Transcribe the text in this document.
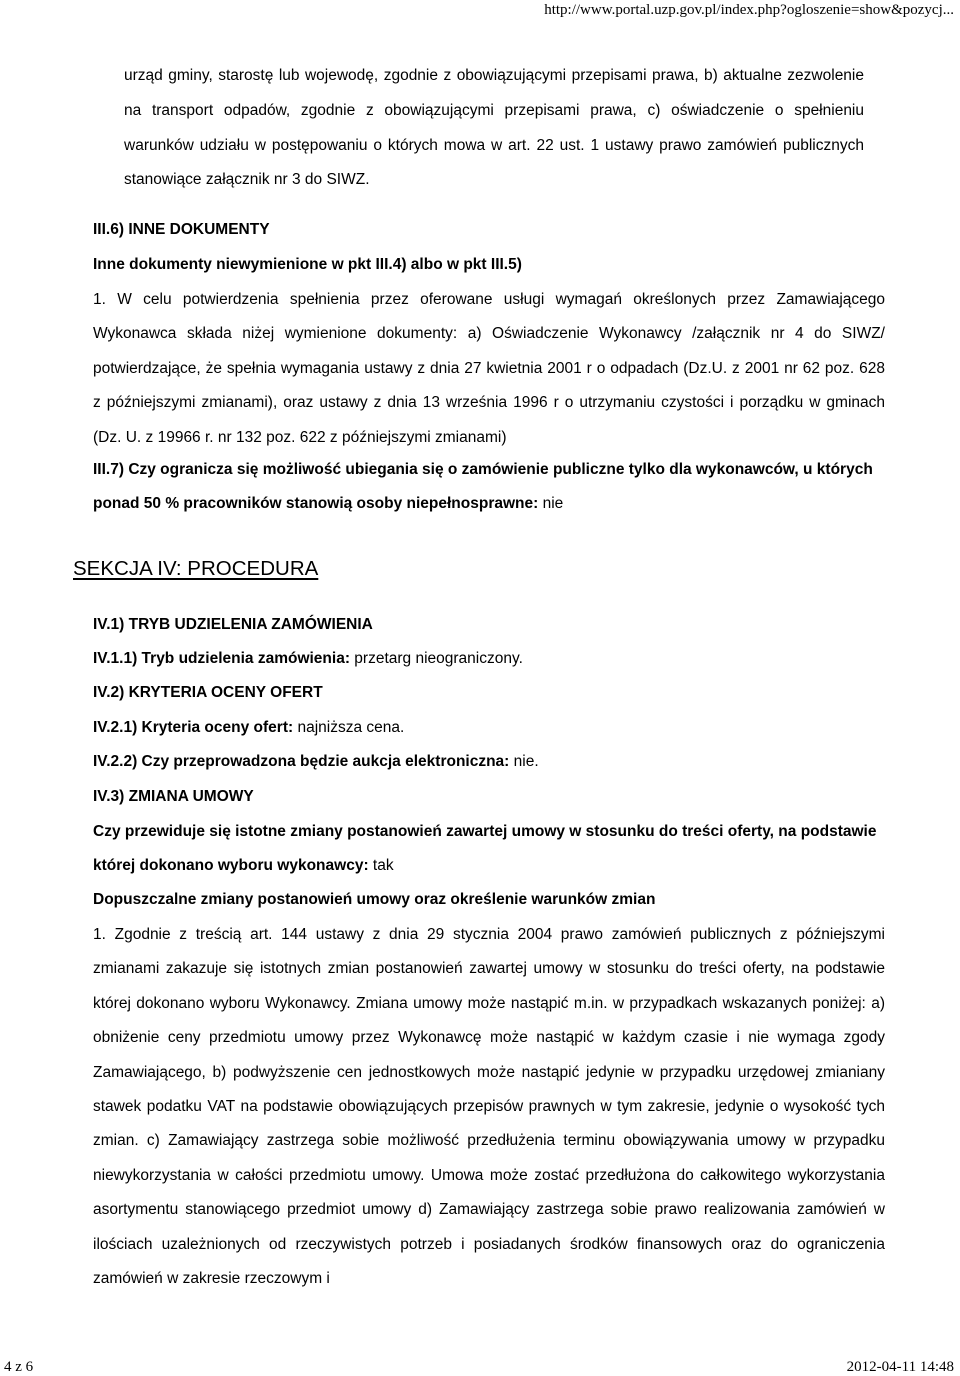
http://www.portal.uzp.gov.pl/index.php?ogloszenie=show&pozycj...

urząd gminy, starostę lub wojewodę, zgodnie z obowiązującymi przepisami prawa, b) aktualne zezwolenie na transport odpadów, zgodnie z obowiązującymi przepisami prawa, c) oświadczenie o spełnieniu warunków udziału w postępowaniu o których mowa w art. 22 ust. 1 ustawy prawo zamówień publicznych stanowiące załącznik nr 3 do SIWZ.

III.6) INNE DOKUMENTY

Inne dokumenty niewymienione w pkt III.4) albo w pkt III.5)

1. W celu potwierdzenia spełnienia przez oferowane usługi wymagań określonych przez Zamawiającego Wykonawca składa niżej wymienione dokumenty: a) Oświadczenie Wykonawcy /załącznik nr 4 do SIWZ/ potwierdzające, że spełnia wymagania ustawy z dnia 27 kwietnia 2001 r o odpadach (Dz.U. z 2001 nr 62 poz. 628 z późniejszymi zmianami), oraz ustawy z dnia 13 września 1996 r o utrzymaniu czystości i porządku w gminach (Dz. U. z 19966 r. nr 132 poz. 622 z późniejszymi zmianami)

III.7) Czy ogranicza się możliwość ubiegania się o zamówienie publiczne tylko dla wykonawców, u których ponad 50 % pracowników stanowią osoby niepełnosprawne: nie

SEKCJA IV: PROCEDURA

IV.1) TRYB UDZIELENIA ZAMÓWIENIA

IV.1.1) Tryb udzielenia zamówienia: przetarg nieograniczony.

IV.2) KRYTERIA OCENY OFERT

IV.2.1) Kryteria oceny ofert: najniższa cena.

IV.2.2) Czy przeprowadzona będzie aukcja elektroniczna: nie.

IV.3) ZMIANA UMOWY

Czy przewiduje się istotne zmiany postanowień zawartej umowy w stosunku do treści oferty, na podstawie której dokonano wyboru wykonawcy: tak

Dopuszczalne zmiany postanowień umowy oraz określenie warunków zmian

1. Zgodnie z treścią art. 144 ustawy z dnia 29 stycznia 2004 prawo zamówień publicznych z późniejszymi zmianami zakazuje się istotnych zmian postanowień zawartej umowy w stosunku do treści oferty, na podstawie której dokonano wyboru Wykonawcy. Zmiana umowy może nastąpić m.in. w przypadkach wskazanych poniżej: a) obniżenie ceny przedmiotu umowy przez Wykonawcę może nastąpić w każdym czasie i nie wymaga zgody Zamawiającego, b) podwyższenie cen jednostkowych może nastąpić jedynie w przypadku urzędowej zmianiany stawek podatku VAT na podstawie obowiązujących przepisów prawnych w tym zakresie, jedynie o wysokość tych zmian. c) Zamawiający zastrzega sobie możliwość przedłużenia terminu obowiązywania umowy w przypadku niewykorzystania w całości przedmiotu umowy. Umowa może zostać przedłużona do całkowitego wykorzystania asortymentu stanowiącego przedmiot umowy d) Zamawiający zastrzega sobie prawo realizowania zamówień w ilościach uzależnionych od rzeczywistych potrzeb i posiadanych środków finansowych oraz do ograniczenia zamówień w zakresie rzeczowym i

4 z 6	2012-04-11 14:48
